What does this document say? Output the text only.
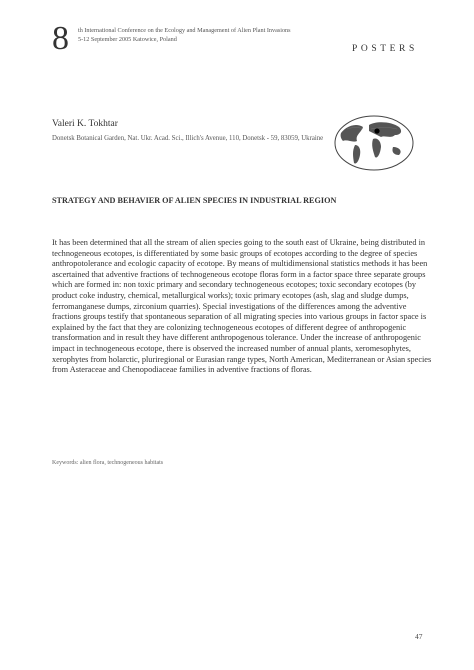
8 th International Conference on the Ecology and Management of Alien Plant Invasions
5-12 September 2005 Katowice, Poland
POSTERS
Valeri K. Tokhtar
Donetsk Botanical Garden, Nat. Ukr. Acad. Sci., Illich's Avenue, 110, Donetsk - 59, 83059, Ukraine
STRATEGY AND BEHAVIER OF ALIEN SPECIES IN INDUSTRIAL REGION
It has been determined that all the stream of alien species going to the south east of Ukraine, being distributed in technogeneous ecotopes, is differentiated by some basic groups of ecotopes according to the degree of species anthropotolerance and ecologic capacity of ecotope. By means of multidimensional statistics methods it has been ascertained that adventive fractions of technogeneous ecotope floras form in a factor space three separate groups which are formed in: non toxic primary and secondary technogeneous ecotopes; toxic secondary ecotopes (by product coke industry, chemical, metallurgical works); toxic primary ecotopes (ash, slag and sludge dumps, ferromanganese dumps, zirconium quarries). Special investigations of the differences among the adventive fractions groups testify that spontaneous separation of all migrating species into various groups in factor space is explained by the fact that they are colonizing technogeneous ecotopes of different degree of anthropogenic transformation and in result they have different anthropogenous tolerance. Under the increase of anthropogenic impact in technogeneous ecotope, there is observed the increased number of annual plants, xeromesophytes, xerophytes from holarctic, pluriregional or Eurasian range types, North American, Mediterranean or Asian species from Asteraceae and Chenopodiaceae families in adventive fractions of floras.
Keywords: alien flora, technogeneous habitats
47
